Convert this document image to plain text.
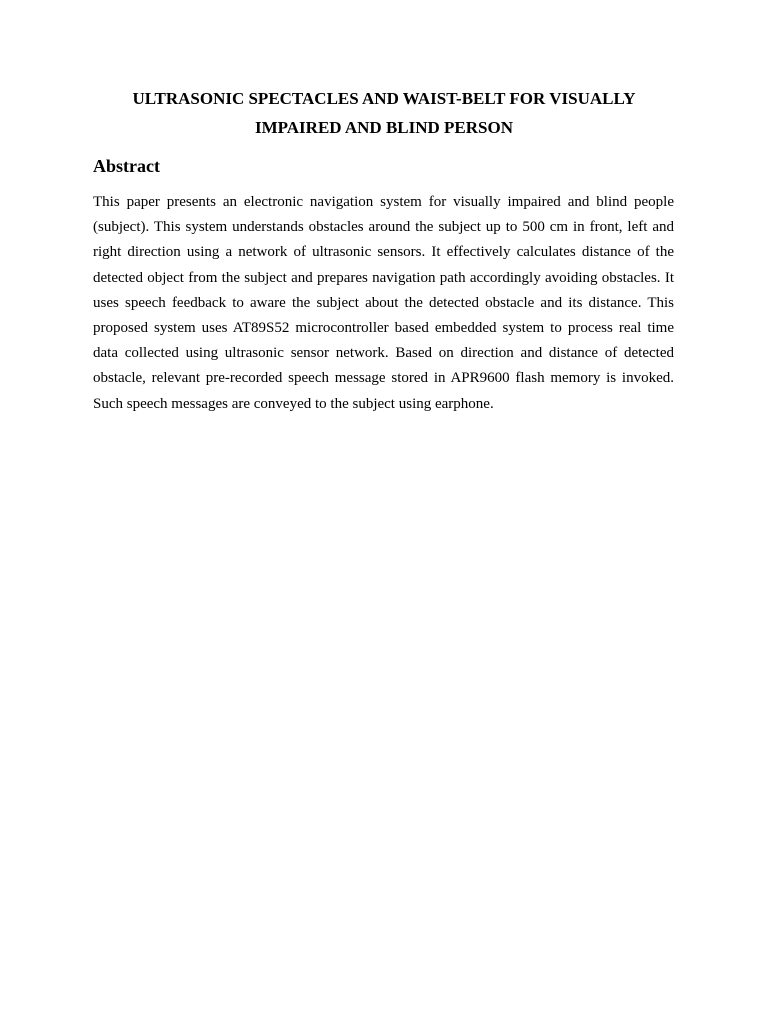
ULTRASONIC SPECTACLES AND WAIST-BELT FOR VISUALLY IMPAIRED AND BLIND PERSON
Abstract

This paper presents an electronic navigation system for visually impaired and blind people (subject). This system understands obstacles around the subject up to 500 cm in front, left and right direction using a network of ultrasonic sensors. It effectively calculates distance of the detected object from the subject and prepares navigation path accordingly avoiding obstacles. It uses speech feedback to aware the subject about the detected obstacle and its distance. This proposed system uses AT89S52 microcontroller based embedded system to process real time data collected using ultrasonic sensor network. Based on direction and distance of detected obstacle, relevant pre-recorded speech message stored in APR9600 flash memory is invoked. Such speech messages are conveyed to the subject using earphone.
